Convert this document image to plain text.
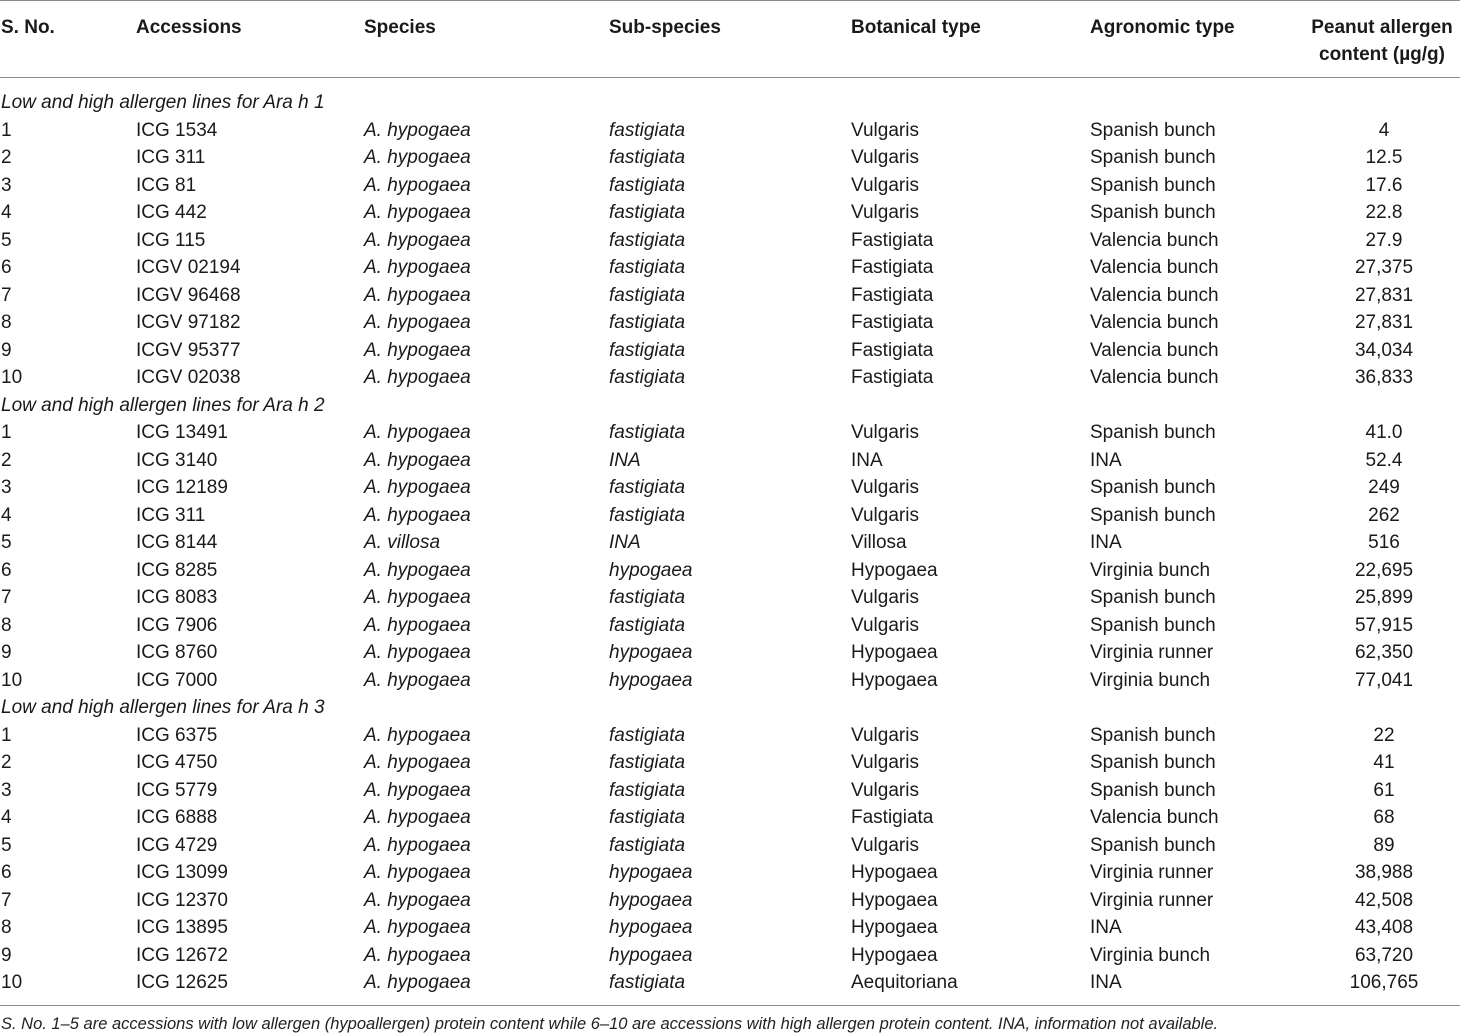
S. No.	Accessions	Species	Sub-species	Botanical type	Agronomic type	Peanut allergen
content (µg/g)
Low and high allergen lines for Ara h 1
1	ICG 1534	A. hypogaea	fastigiata	Vulgaris	Spanish bunch	4
2	ICG 311	A. hypogaea	fastigiata	Vulgaris	Spanish bunch	12.5
3	ICG 81	A. hypogaea	fastigiata	Vulgaris	Spanish bunch	17.6
4	ICG 442	A. hypogaea	fastigiata	Vulgaris	Spanish bunch	22.8
5	ICG 115	A. hypogaea	fastigiata	Fastigiata	Valencia bunch	27.9
6	ICGV 02194	A. hypogaea	fastigiata	Fastigiata	Valencia bunch	27,375
7	ICGV 96468	A. hypogaea	fastigiata	Fastigiata	Valencia bunch	27,831
8	ICGV 97182	A. hypogaea	fastigiata	Fastigiata	Valencia bunch	27,831
9	ICGV 95377	A. hypogaea	fastigiata	Fastigiata	Valencia bunch	34,034
10	ICGV 02038	A. hypogaea	fastigiata	Fastigiata	Valencia bunch	36,833
Low and high allergen lines for Ara h 2
1	ICG 13491	A. hypogaea	fastigiata	Vulgaris	Spanish bunch	41.0
2	ICG 3140	A. hypogaea	INA	INA	INA	52.4
3	ICG 12189	A. hypogaea	fastigiata	Vulgaris	Spanish bunch	249
4	ICG 311	A. hypogaea	fastigiata	Vulgaris	Spanish bunch	262
5	ICG 8144	A. villosa	INA	Villosa	INA	516
6	ICG 8285	A. hypogaea	hypogaea	Hypogaea	Virginia bunch	22,695
7	ICG 8083	A. hypogaea	fastigiata	Vulgaris	Spanish bunch	25,899
8	ICG 7906	A. hypogaea	fastigiata	Vulgaris	Spanish bunch	57,915
9	ICG 8760	A. hypogaea	hypogaea	Hypogaea	Virginia runner	62,350
10	ICG 7000	A. hypogaea	hypogaea	Hypogaea	Virginia bunch	77,041
Low and high allergen lines for Ara h 3
1	ICG 6375	A. hypogaea	fastigiata	Vulgaris	Spanish bunch	22
2	ICG 4750	A. hypogaea	fastigiata	Vulgaris	Spanish bunch	41
3	ICG 5779	A. hypogaea	fastigiata	Vulgaris	Spanish bunch	61
4	ICG 6888	A. hypogaea	fastigiata	Fastigiata	Valencia bunch	68
5	ICG 4729	A. hypogaea	fastigiata	Vulgaris	Spanish bunch	89
6	ICG 13099	A. hypogaea	hypogaea	Hypogaea	Virginia runner	38,988
7	ICG 12370	A. hypogaea	hypogaea	Hypogaea	Virginia runner	42,508
8	ICG 13895	A. hypogaea	hypogaea	Hypogaea	INA	43,408
9	ICG 12672	A. hypogaea	hypogaea	Hypogaea	Virginia bunch	63,720
10	ICG 12625	A. hypogaea	fastigiata	Aequitoriana	INA	106,765
S. No. 1–5 are accessions with low allergen (hypoallergen) protein content while 6–10 are accessions with high allergen protein content. INA, information not available.
